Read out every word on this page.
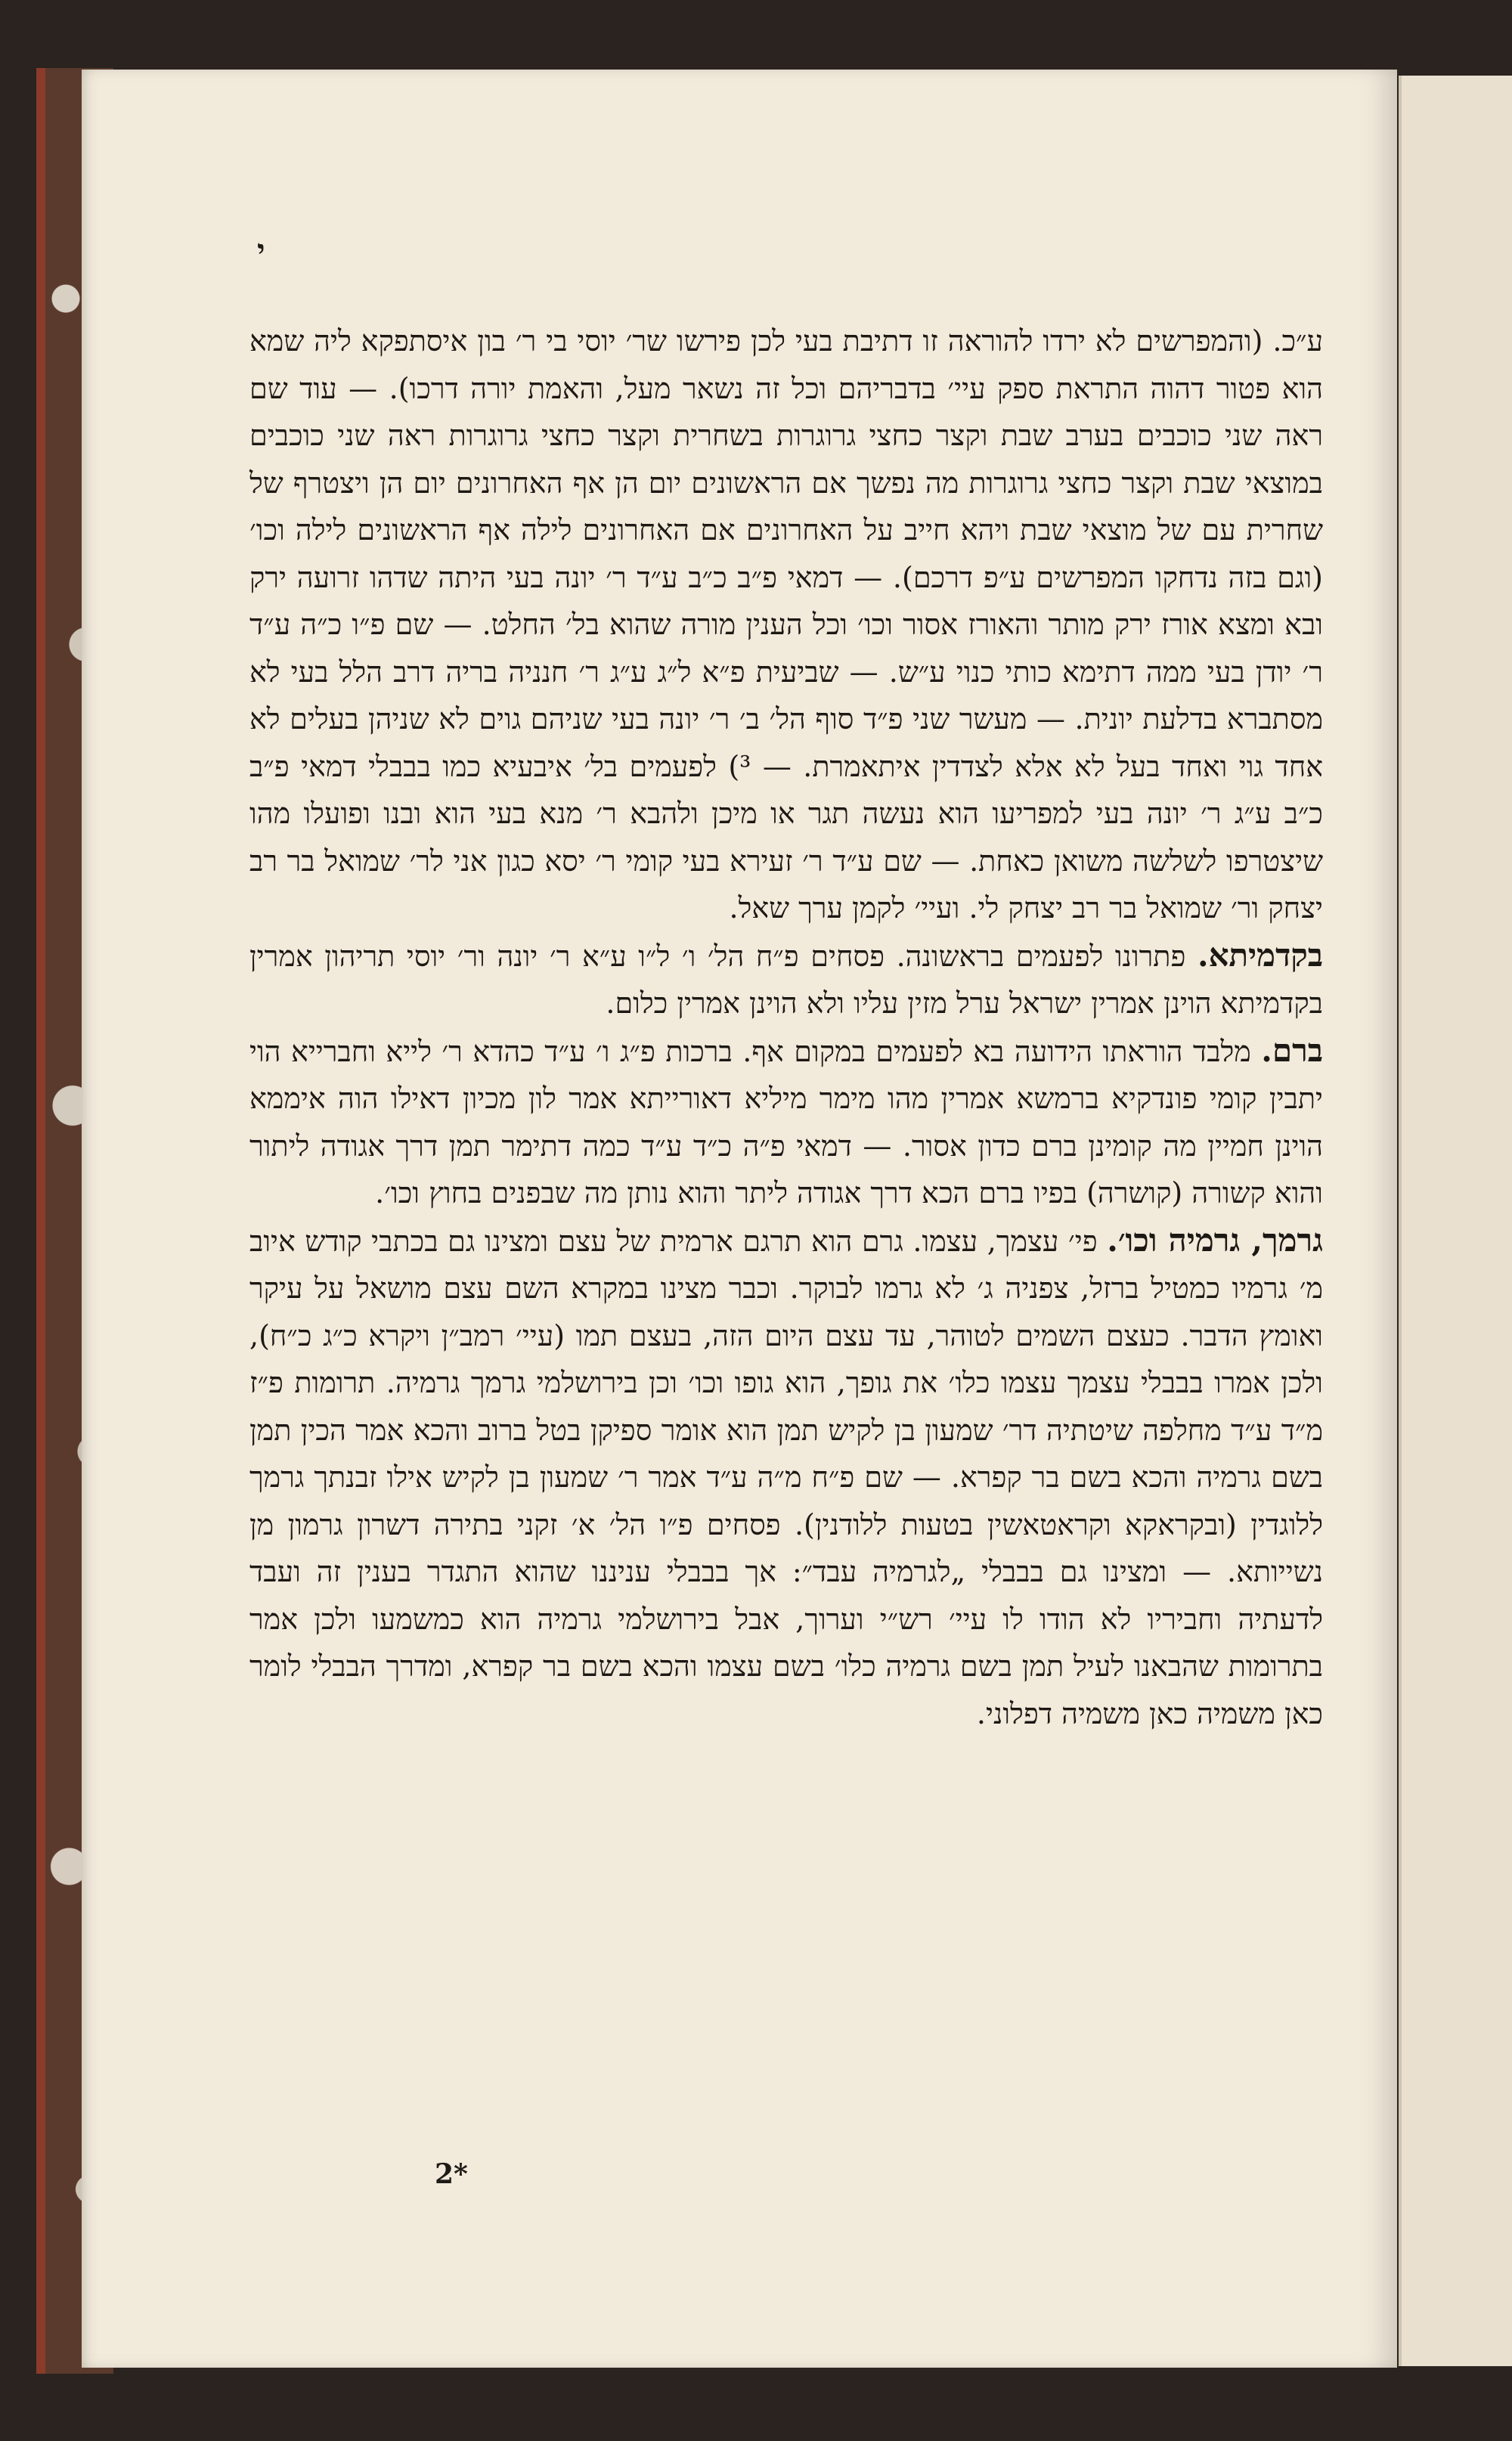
י

ע״כ. (והמפרשים לא ירדו להוראה זו דתיבת בעי לכן פירשו שר׳ יוסי בי ר׳ בון איסתפקא ליה שמא הוא פטור דהוה התראת ספק עיי׳ בדבריהם וכל זה נשאר מעל, והאמת יורה דרכו). — עוד שם ראה שני כוכבים בערב שבת וקצר כחצי גרוגרות בשחרית וקצר כחצי גרוגרות ראה שני כוכבים במוצאי שבת וקצר כחצי גרוגרות מה נפשך אם הראשונים יום הן אף האחרונים יום הן ויצטרף של שחרית עם של מוצאי שבת ויהא חייב על האחרונים אם האחרונים לילה אף הראשונים לילה וכו׳ (וגם בזה נדחקו המפרשים ע״פ דרכם). — דמאי פ״ב כ״ב ע״ד ר׳ יונה בעי היתה שדהו זרועה ירק ובא ומצא אורז ירק מותר והאורז אסור וכו׳ וכל הענין מורה שהוא בל׳ החלט. — שם פ״ו כ״ה ע״ד ר׳ יודן בעי ממה דתימא כותי כנוי ע״ש. — שביעית פ״א ל״ג ע״ג ר׳ חנניה בריה דרב הלל בעי לא מסתברא בדלעת יונית. — מעשר שני פ״ד סוף הל׳ ב׳ ר׳ יונה בעי שניהם גוים לא שניהן בעלים לא אחד גוי ואחד בעל לא אלא לצדדין איתאמרת. — ³) לפעמים בל׳ איבעיא כמו בבבלי דמאי פ״ב כ״ב ע״ג ר׳ יונה בעי למפריעו הוא נעשה תגר או מיכן ולהבא ר׳ מנא בעי הוא ובנו ופועלו מהו שיצטרפו לשלשה משואן כאחת. — שם ע״ד ר׳ זעירא בעי קומי ר׳ יסא כגון אני לר׳ שמואל בר רב יצחק ור׳ שמואל בר רב יצחק לי. ועיי׳ לקמן ערך שאל.

בקדמיתא. פתרונו לפעמים בראשונה. פסחים פ״ח הל׳ ו׳ ל״ו ע״א ר׳ יונה ור׳ יוסי תריהון אמרין בקדמיתא הוינן אמרין ישראל ערל מזין עליו ולא הוינן אמרין כלום.

ברם. מלבד הוראתו הידועה בא לפעמים במקום אף. ברכות פ״ג ו׳ ע״ד כהדא ר׳ לייא וחברייא הוי יתבין קומי פונדקיא ברמשא אמרין מהו מימר מיליא דאורייתא אמר לון מכיון דאילו הוה איממא הוינן חמיין מה קומינן ברם כדון אסור. — דמאי פ״ה כ״ד ע״ד כמה דתימר תמן דרך אגודה ליתור והוא קשורה (קושרה) בפיו ברם הכא דרך אגודה ליתר והוא נותן מה שבפנים בחוץ וכו׳.

גרמך, גרמיה וכו׳. פי׳ עצמך, עצמו. גרם הוא תרגם ארמית של עצם ומצינו גם בכתבי קודש איוב מ׳ גרמיו כמטיל ברזל, צפניה ג׳ לא גרמו לבוקר. וכבר מצינו במקרא השם עצם מושאל על עיקר ואומץ הדבר. כעצם השמים לטוהר, עד עצם היום הזה, בעצם תמו (עיי׳ רמב״ן ויקרא כ״ג כ״ח), ולכן אמרו בבבלי עצמך עצמו כלו׳ את גופך, הוא גופו וכו׳ וכן בירושלמי גרמך גרמיה. תרומות פ״ז מ״ד ע״ד מחלפה שיטתיה דר׳ שמעון בן לקיש תמן הוא אומר ספיקן בטל ברוב והכא אמר הכין תמן בשם גרמיה והכא בשם בר קפרא. — שם פ״ח מ״ה ע״ד אמר ר׳ שמעון בן לקיש אילו זבנתך גרמך ללוגדין (ובקראקא וקראטאשין בטעות ללודנין). פסחים פ״ו הל׳ א׳ זקני בתירה דשרון גרמון מן נשייותא. — ומצינו גם בבבלי „לגרמיה עבד״: אך בבבלי עניננו שהוא התגדר בענין זה ועבד לדעתיה וחביריו לא הודו לו עיי׳ רש״י וערוך, אבל בירושלמי גרמיה הוא כמשמעו ולכן אמר בתרומות שהבאנו לעיל תמן בשם גרמיה כלו׳ בשם עצמו והכא בשם בר קפרא, ומדרך הבבלי לומר כאן משמיה כאן משמיה דפלוני.

2*
